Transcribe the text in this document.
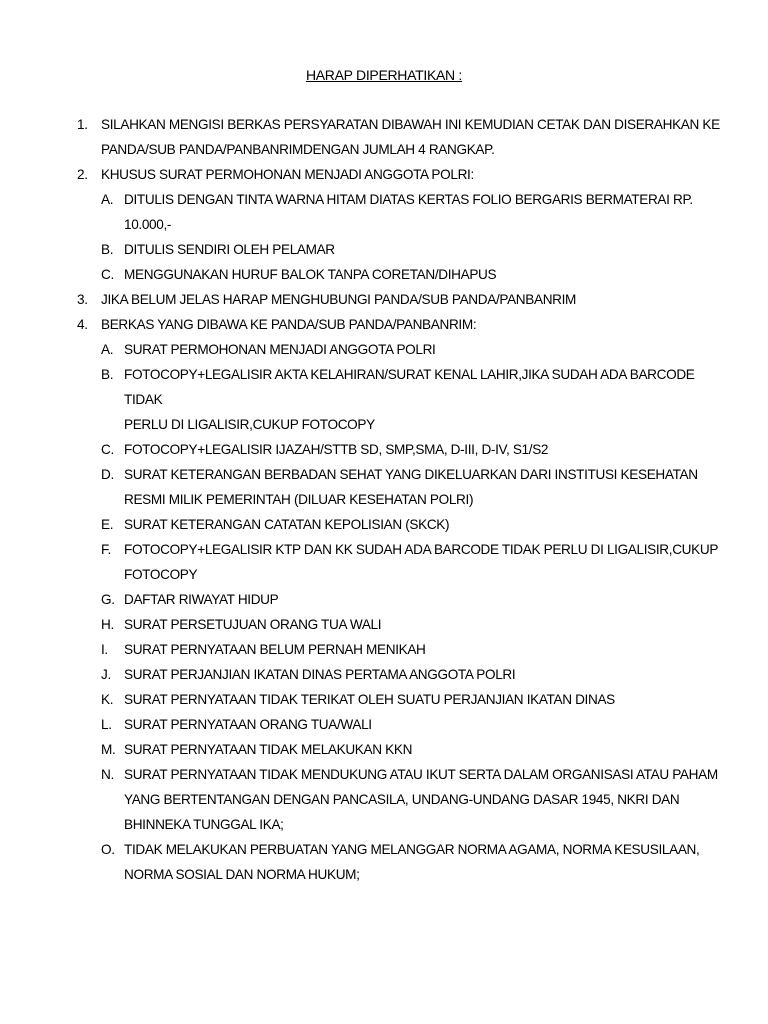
HARAP DIPERHATIKAN :
1. SILAHKAN MENGISI BERKAS PERSYARATAN DIBAWAH INI KEMUDIAN CETAK DAN DISERAHKAN KE
PANDA/SUB PANDA/PANBANRIMDENGAN JUMLAH 4 RANGKAP.
2. KHUSUS SURAT PERMOHONAN MENJADI ANGGOTA POLRI:
A. DITULIS DENGAN TINTA WARNA HITAM DIATAS KERTAS FOLIO BERGARIS BERMATERAI RP.
10.000,-
B. DITULIS SENDIRI OLEH PELAMAR
C. MENGGUNAKAN HURUF BALOK TANPA CORETAN/DIHAPUS
3. JIKA BELUM JELAS HARAP MENGHUBUNGI PANDA/SUB PANDA/PANBANRIM
4. BERKAS YANG DIBAWA KE PANDA/SUB PANDA/PANBANRIM:
A. SURAT PERMOHONAN MENJADI ANGGOTA POLRI
B. FOTOCOPY+LEGALISIR AKTA KELAHIRAN/SURAT KENAL LAHIR,JIKA SUDAH ADA BARCODE TIDAK
PERLU DI LIGALISIR,CUKUP FOTOCOPY
C. FOTOCOPY+LEGALISIR IJAZAH/STTB SD, SMP,SMA, D-III, D-IV, S1/S2
D. SURAT KETERANGAN BERBADAN SEHAT YANG DIKELUARKAN DARI INSTITUSI KESEHATAN
RESMI MILIK PEMERINTAH (DILUAR KESEHATAN POLRI)
E. SURAT KETERANGAN CATATAN KEPOLISIAN (SKCK)
F. FOTOCOPY+LEGALISIR KTP DAN KK SUDAH ADA BARCODE TIDAK PERLU DI LIGALISIR,CUKUP
FOTOCOPY
G. DAFTAR RIWAYAT HIDUP
H. SURAT PERSETUJUAN ORANG TUA WALI
I. SURAT PERNYATAAN BELUM PERNAH MENIKAH
J. SURAT PERJANJIAN IKATAN DINAS PERTAMA ANGGOTA POLRI
K. SURAT PERNYATAAN TIDAK TERIKAT OLEH SUATU PERJANJIAN IKATAN DINAS
L. SURAT PERNYATAAN ORANG TUA/WALI
M. SURAT PERNYATAAN TIDAK MELAKUKAN KKN
N. SURAT PERNYATAAN TIDAK MENDUKUNG ATAU IKUT SERTA DALAM ORGANISASI ATAU PAHAM
YANG BERTENTANGAN DENGAN PANCASILA, UNDANG-UNDANG DASAR 1945, NKRI DAN
BHINNEKA TUNGGAL IKA;
O. TIDAK MELAKUKAN PERBUATAN YANG MELANGGAR NORMA AGAMA, NORMA KESUSILAAN,
NORMA SOSIAL DAN NORMA HUKUM;
